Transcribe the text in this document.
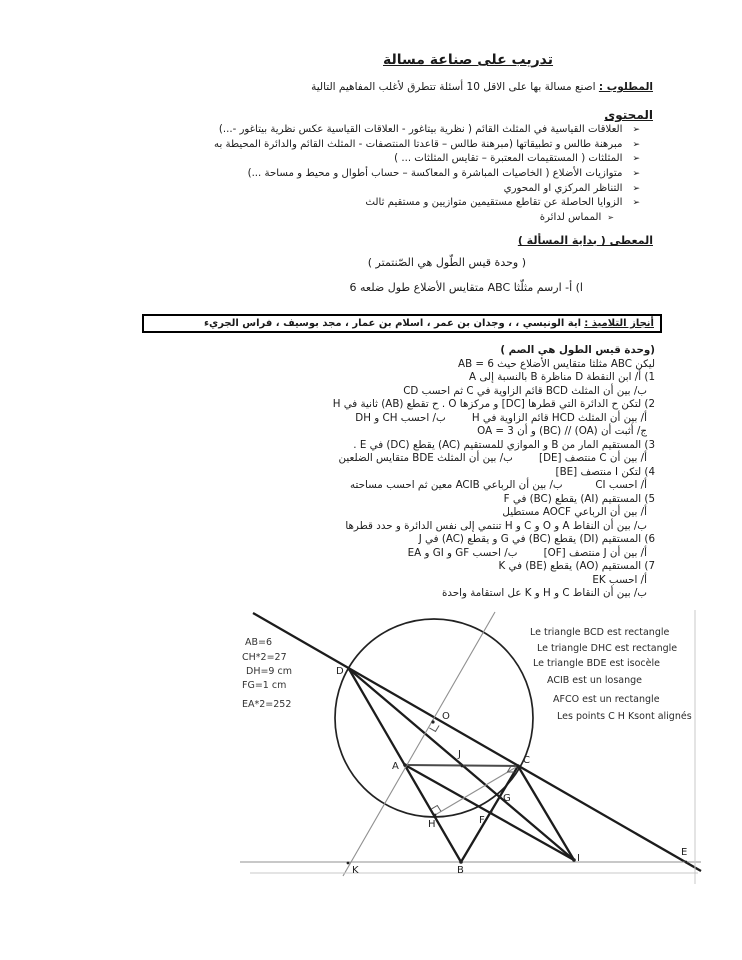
تدريب على صناعة مسالة
المطلوب : اصنع مسالة بها على الاقل 10 أسئلة تتطرق لأغلب المفاهيم التالية
المحتوى
➢
العلاقات القياسية في المثلث القائم ( نظرية بيتاغور - العلاقات القياسية عكس نظرية بيتاغور -...)
➢
مبرهنة طالس و تطبيقاتها (مبرهنة طالس – قاعدتا المنتصفات - المثلث القائم والدائرة المحيطة به
➢
المثلثات ( المستقيمات المعتبرة – تقايس المثلثات ... )
➢
متوازيات الأضلاع ( الخاصيات المباشرة و المعاكسة – حساب أطوال و محيط و مساحة ...)
➢
التناظر المركزي او المحوري
➢
الزوايا الحاصلة عن تقاطع مستقيمين متوازيين و مستقيم ثالث
➢
المماس لدائرة
المعطى ( بداية المسألة )
( وحدة قيس الطّول هي الصّنتمتر )
ا) أ- ارسم مثلّثا ABC متقايس الأضلاع طول ضلعه 6
أنجاز التلاميذ : اية الونيسي ، ، وجدان بن عمر ، اسلام بن عمار ، مجد بوسيف ، فراس الجريء
(وحدة قيس الطول هي الصم )
ليكن ABC مثلثا متقايس الأضلاع حيث AB = 6
1) أ/ ابن النقطة D مناظرة B بالنسبة إلى A
ب/ بين أن المثلث BCD قائم الزاوية في C ثم احسب CD
2) لتكن ح الدائرة التي قطرها [DC] و مركزها O . ح تقطع (AB) ثانية في H
أ/ بين أن المثلث HCD قائم الزاوية في H        ب/ احسب CH و DH
ج/ أثبت أن (OA) // (BC) و أن OA = 3
3) المستقيم المار من B و الموازي للمستقيم (AC) يقطع (DC) في E .
أ/ بين أن C منتصف [DE]        ب/ بين أن المثلث BDE متقايس الضلعين
4) لتكن I منتصف [BE]
أ/ احسب CI          ب/ بين أن الرباعي ACIB معين ثم احسب مساحته
5) المستقيم (AI) يقطع (BC) في F
أ/ بين أن الرباعي AOCF مستطيل
ب/ بين أن النقاط A و O و C و H تنتمي إلى نفس الدائرة و حدد قطرها
6) المستقيم (DI) يقطع (BC) في G و يقطع (AC) في J
أ/ بين أن J منتصف [OF]        ب/ احسب GF و GI و EA
7) المستقيم (AO) يقطع (BE) في K
أ/ احسب EK
ب/ بين أن النقاط C و H و K عل استقامة واحدة
AB=6
CH*2=27
DH=9 cm
FG=1 cm
EA*2=252
Le triangle BCD est rectangle
Le triangle DHC est rectangle
Le triangle BDE est isocèle
ACIB est un losange
AFCO est un rectangle
Les points C H Ksont alignés
D
O
A
J
C
H
G
F
B
I
K
E
